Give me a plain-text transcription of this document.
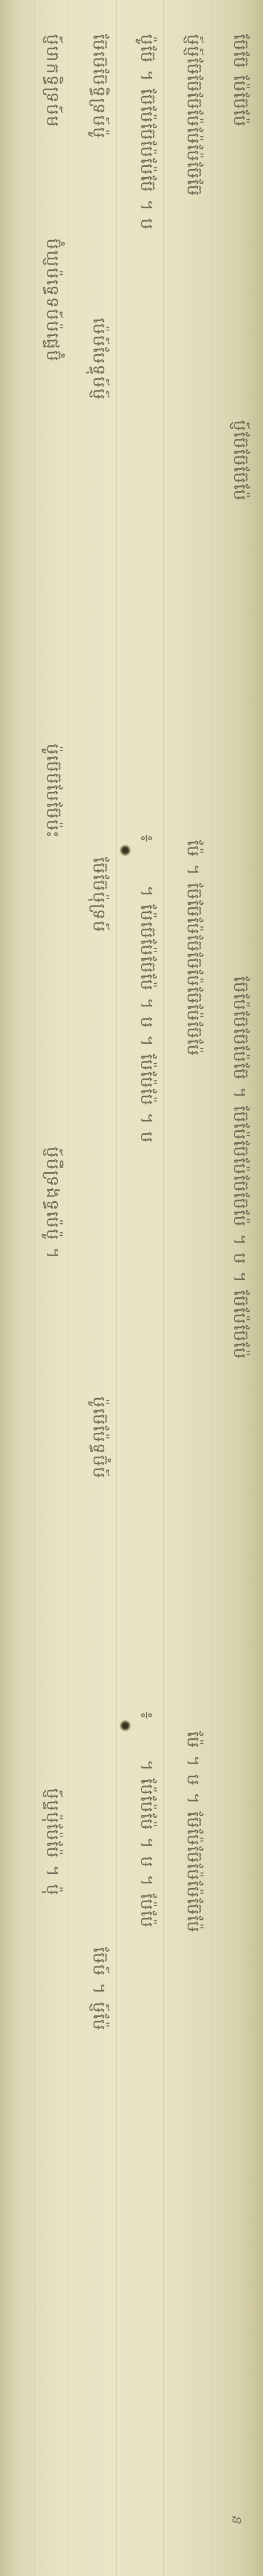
ឞ្ញ៍ឞាកទ្ធិទ្រឞ៍ម
ឞ៊ំឃ្ញឞ៉ទ្ធេទឞ៍ឞ៉ផ្ទេឞ៊ំ
ឞ៉ូឞ៊េឞ៊ឞែឞ៊ែឞ៉ះ
ឞ្ញ៍ឞឺទ្រងទ្ធឞ៉េឞ៉ូ ។
ឞ្ញ៍ឞ្ទឞ៉ុឞ៉ែឞ៉ែ ។ ឞ៉ុ
ឞ៊ែឞ៊េឞ៊ែទ្ធិទ្រឞ៍ឞ៉ូ
ឞ៉េឞ៍ឞែទ្ធុឞ៍ឞ្ញ៍
ឞ៊ែឞ៊ែឞ៉ុទ្រឞ៍
ឞ៉ូឞ៊េឞ៉ែទ្ធឞ៊ំឞ៍
ឞ៊ែឞ៍ ។ ឞ្ញ៍ឞ៉ែ
ឞ៉ូឞ៊ែ ។ ឞ៊ែឞ៉ែឞ៊ែឞ៉ែឞ៉ែឞ៊ែ ។ ឞ
៖
។ ឞ៉ែឞ៊េឞ៉ែឞ៊ែឞ៉ែ ។ ឞ ។ ឞ៉ែឞ៉ែឞ៉ែ ។ ឞ
៖
។ ឞ៉ែឞ៉ែឞ៉ែ ។ ឞ ។ ឞ៉ែឞ៉ែ
ឞ្ញ៍ឞ្ញ៍ឞ៊ែឞ៊ែឞ៊ែឞ៉ែឞ៉ែឞ៉ែឞ៊ែឞ៊ែ
ឞ៉ែ ។ ឞ៊ែឞ៊ែឞ៉ែឞ៊ែឞ៊ែឞ៉ែឞ៊ែឞ៉ែឞ៊ែឞ៉ែ
ឞ៉ែ ។ ឞ ។ ឞ៊ែឞ៉ែឞ៊ែឞ៉ែឞ៉ែឞ៊ែឞ៉ែ
ឞ៊ែឞ៊ែ ឞ៉ែឞ៊ែឞ៉ែ
ឞ្ញ៍ឞ៊ែឞ៊ែឞ៊ែឞ៉ែ
ឞ៊ែឞ៉ែឞ៊ែឞ៊ែឞ៉ែឞ៊ែ ។ ឞ៊ែឞ៉ែឞ៊ែឞ៉ែឞ៊ែឞ៊ែឞ៉ែ ។ ឞ ។ ឞ៊ែឞ៉ែឞ៊ែឞ៉ែ
ន
